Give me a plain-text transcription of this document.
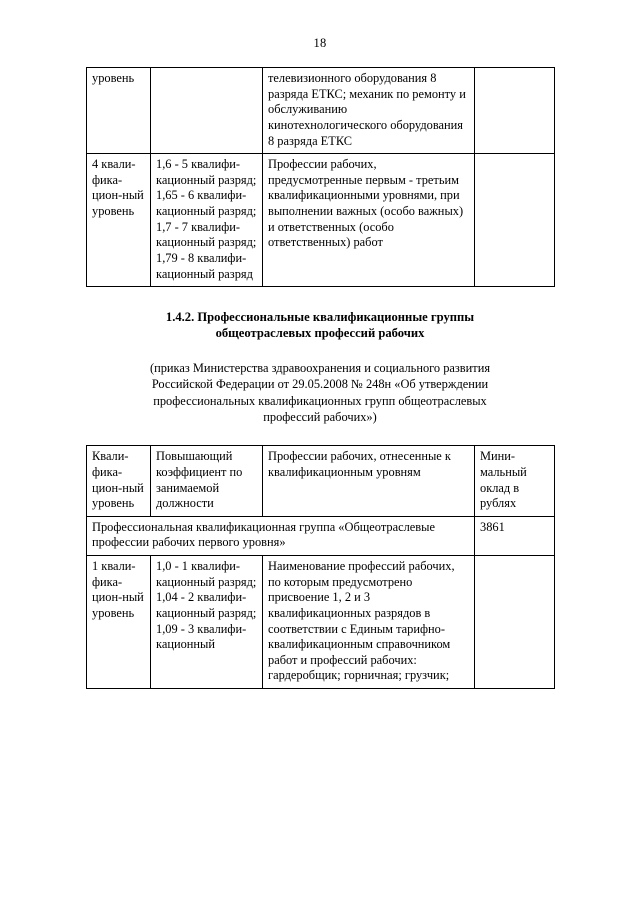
18
уровень		телевизионного оборудования 8 разряда ЕТКС; механик по ремонту и обслуживанию кинотехнологического оборудования 8 разряда ЕТКС	
4 квали-фика-цион-ный уровень	1,6 - 5 квалифи-кационный разряд; 1,65 - 6 квалифи-кационный разряд; 1,7 - 7 квалифи-кационный разряд; 1,79 - 8 квалифи-кационный разряд	Профессии рабочих, предусмотренные первым - третьим квалификационными уровнями, при выполнении важных (особо важных) и ответственных (особо ответственных) работ	
1.4.2. Профессиональные квалификационные группы
общеотраслевых профессий рабочих
(приказ Министерства здравоохранения и социального развития
Российской Федерации от 29.05.2008 № 248н «Об утверждении
профессиональных квалификационных групп общеотраслевых
профессий рабочих»)
Квали-фика-цион-ный уровень	Повышающий коэффициент по занимаемой должности	Профессии рабочих, отнесенные к квалификационным уровням	Мини-мальный оклад в рублях
Профессиональная квалификационная группа «Общеотраслевые профессии рабочих первого уровня»			3861
1 квали-фика-цион-ный уровень	1,0 - 1 квалифи-кационный разряд; 1,04 - 2 квалифи-кационный разряд; 1,09 - 3 квалифи-кационный	Наименование профессий рабочих, по которым предусмотрено присвоение 1, 2 и 3 квалификационных разрядов в соответствии с Единым тарифно-квалификационным справочником работ и профессий рабочих: гардеробщик; горничная; грузчик;	
